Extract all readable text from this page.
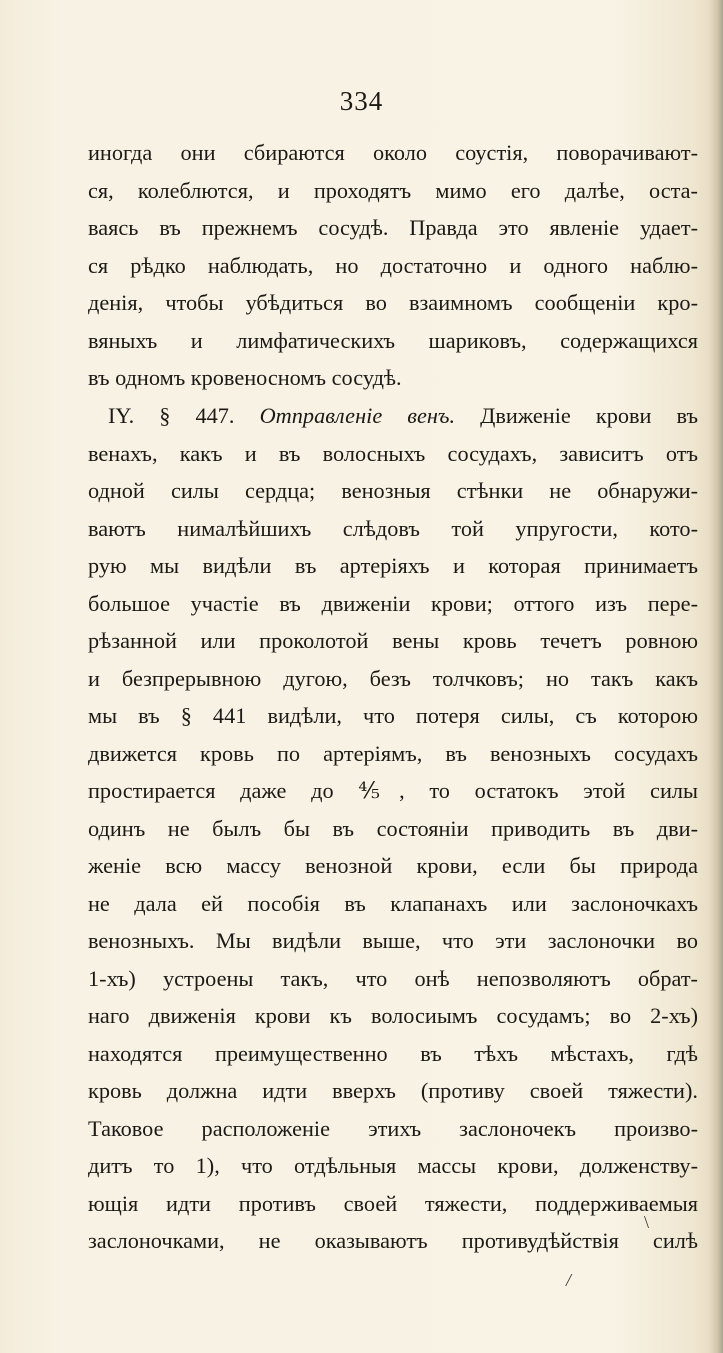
334
иногда они сбираются около соустія, поворачивают-
ся, колеблются, и проходятъ мимо его далѣе, оста-
ваясь въ прежнемъ сосудѣ. Правда это явленіе удает-
ся рѣдко наблюдать, но достаточно и одного наблю-
денія, чтобы убѣдиться во взаимномъ сообщеніи кро-
вяныхъ и лимфатическихъ шариковъ, содержащихся
въ одномъ кровеносномъ сосудѣ.
IY. § 447. Отправленіе венъ. Движеніе крови въ
венахъ, какъ и въ волосныхъ сосудахъ, зависитъ отъ
одной силы сердца; венозныя стѣнки не обнаружи-
ваютъ нималѣйшихъ слѣдовъ той упругости, кото-
рую мы видѣли въ артеріяхъ и которая принимаетъ
большое участіе въ движеніи крови; оттого изъ пере-
рѣзанной или проколотой вены кровь течетъ ровною
и безпрерывною дугою, безъ толчковъ; но такъ какъ
мы въ § 441 видѣли, что потеря силы, съ которою
движется кровь по артеріямъ, въ венозныхъ сосудахъ
простирается даже до ⅘, то остатокъ этой силы
одинъ не былъ бы въ состояніи приводить въ дви-
женіе всю массу венозной крови, если бы природа
не дала ей пособія въ клапанахъ или заслоночкахъ
венозныхъ. Мы видѣли выше, что эти заслоночки во
1-хъ) устроены такъ, что онѣ непозволяютъ обрат-
наго движенія крови къ волосиымъ сосудамъ; во 2-хъ)
находятся преимущественно въ тѣхъ мѣстахъ, гдѣ
кровь должна идти вверхъ (противу своей тяжести).
Таковое расположеніе этихъ заслоночекъ произво-
дитъ то 1), что отдѣльныя массы крови, долженству-
ющія идти противъ своей тяжести, поддерживаемыя
заслоночками, не оказываютъ противудѣйствія силѣ
\
/
